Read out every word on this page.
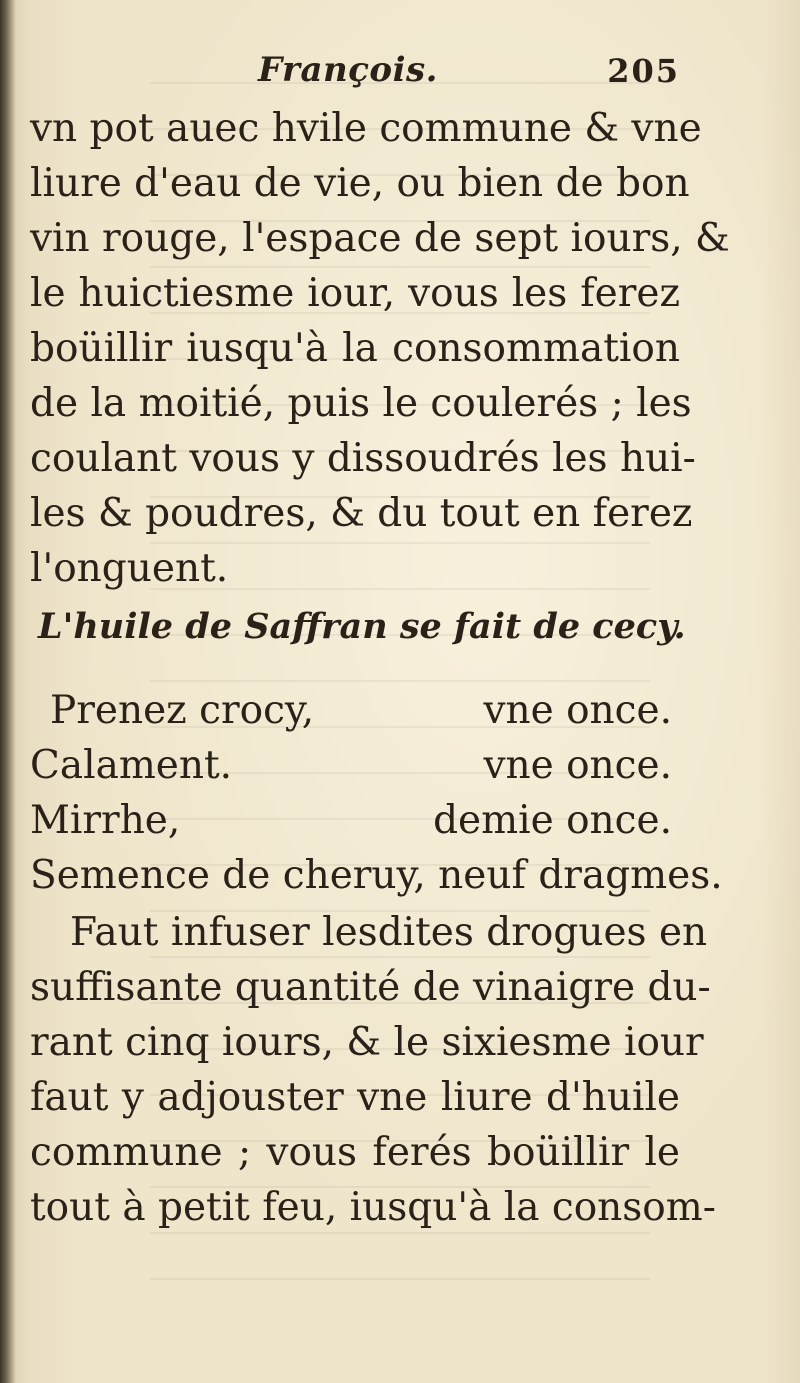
François.	205
vn pot auec hvile commune & vne
liure d'eau de vie, ou bien de bon
vin rouge, l'espace de sept iours, &
le huictiesme iour, vous les ferez
boüillir iusqu'à la consommation
de la moitié, puis le coulerés ; les
coulant vous y dissoudrés les hui-
les & poudres, & du tout en ferez
l'onguent.
L'huile de Saffran se fait de cecy.
Prenez crocy,	vne once.
Calament.	vne once.
Mirrhe,	demie once.
Semence de cheruy, neuf dragmes.
Faut infuser lesdites drogues en
suffisante quantité de vinaigre du-
rant cinq iours, & le sixiesme iour
faut y adjouster vne liure d'huile
commune ; vous ferés boüillir le
tout à petit feu, iusqu'à la consom-
